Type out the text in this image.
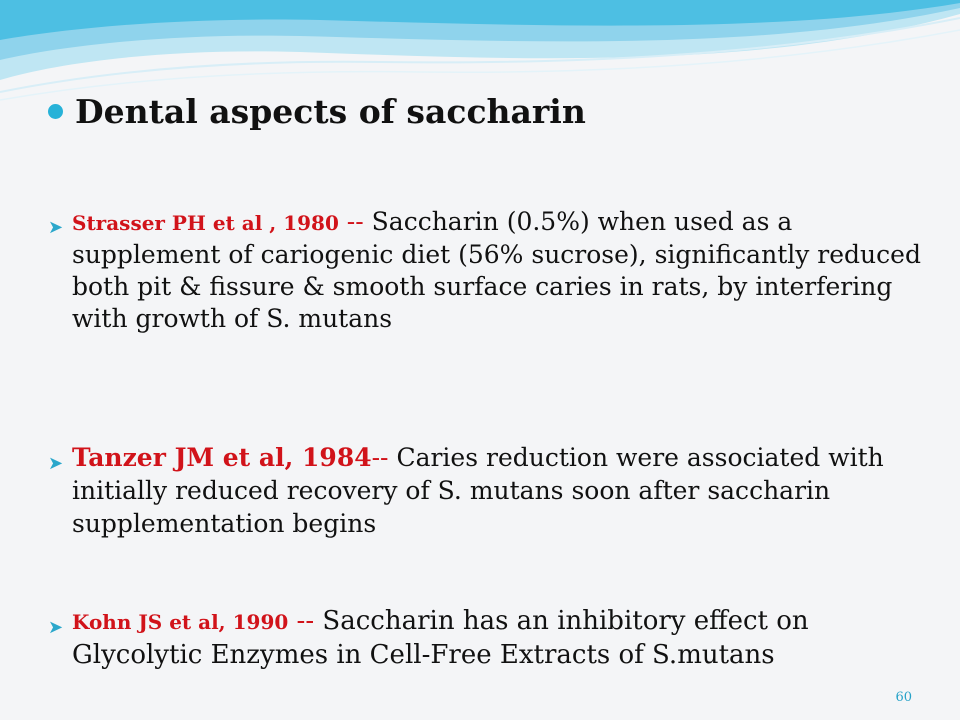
Dental aspects of saccharin
➤ Strasser PH et al , 1980 -- Saccharin (0.5%) when used as a supplement of cariogenic diet (56% sucrose), significantly reduced both pit & fissure & smooth surface caries in rats, by interfering with growth of S. mutans
➤ Tanzer JM et al, 1984-- Caries reduction were associated with initially reduced recovery of S. mutans soon after saccharin supplementation begins
➤ Kohn JS et al, 1990 -- Saccharin has an inhibitory effect on Glycolytic Enzymes in Cell-Free Extracts of S.mutans
60
